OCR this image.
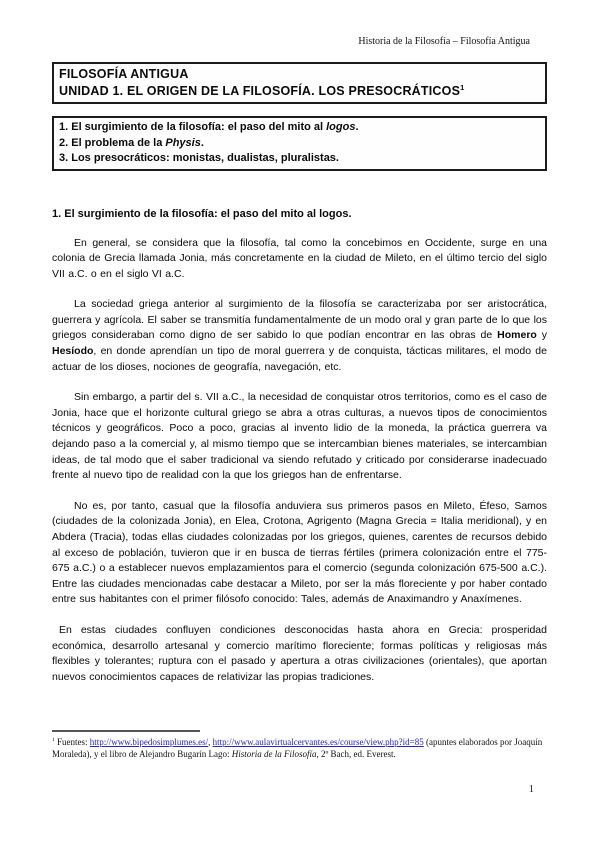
Historia de la Filosofía – Filosofía Antigua
FILOSOFÍA ANTIGUA
UNIDAD 1. EL ORIGEN DE LA FILOSOFÍA. LOS PRESOCRÁTICOS$^1$
1. El surgimiento de la filosofía: el paso del mito al logos.
2. El problema de la Physis.
3. Los presocráticos: monistas, dualistas, pluralistas.
1. El surgimiento de la filosofía: el paso del mito al logos.

En general, se considera que la filosofía, tal como la concebimos en Occidente, surge en una colonia de Grecia llamada Jonia, más concretamente en la ciudad de Mileto, en el último tercio del siglo VII a.C. o en el siglo VI a.C.

La sociedad griega anterior al surgimiento de la filosofía se caracterizaba por ser aristocrática, guerrera y agrícola. El saber se transmitía fundamentalmente de un modo oral y gran parte de lo que los griegos consideraban como digno de ser sabido lo que podían encontrar en las obras de Homero y Hesíodo, en donde aprendían un tipo de moral guerrera y de conquista, tácticas militares, el modo de actuar de los dioses, nociones de geografía, navegación, etc.

Sin embargo, a partir del s. VII a.C., la necesidad de conquistar otros territorios, como es el caso de Jonia, hace que el horizonte cultural griego se abra a otras culturas, a nuevos tipos de conocimientos técnicos y geográficos. Poco a poco, gracias al invento lidio de la moneda, la práctica guerrera va dejando paso a la comercial y, al mismo tiempo que se intercambian bienes materiales, se intercambian ideas, de tal modo que el saber tradicional va siendo refutado y criticado por considerarse inadecuado frente al nuevo tipo de realidad con la que los griegos han de enfrentarse.

No es, por tanto, casual que la filosofía anduviera sus primeros pasos en Mileto, Éfeso, Samos (ciudades de la colonizada Jonia), en Elea, Crotona, Agrigento (Magna Grecia = Italia meridional), y en Abdera (Tracia), todas ellas ciudades colonizadas por los griegos, quienes, carentes de recursos debido al exceso de población, tuvieron que ir en busca de tierras fértiles (primera colonización entre el 775-675 a.C.) o a establecer nuevos emplazamientos para el comercio (segunda colonización 675-500 a.C.). Entre las ciudades mencionadas cabe destacar a Mileto, por ser la más floreciente y por haber contado entre sus habitantes con el primer filósofo conocido: Tales, además de Anaximandro y Anaxímenes.

En estas ciudades confluyen condiciones desconocidas hasta ahora en Grecia: prosperidad económica, desarrollo artesanal y comercio marítimo floreciente; formas políticas y religiosas más flexibles y tolerantes; ruptura con el pasado y apertura a otras civilizaciones (orientales), que aportan nuevos conocimientos capaces de relativizar las propias tradiciones.

$^1$ Fuentes: http://www.bipedosimplumes.es/, http://www.aulavirtualcervantes.es/course/view.php?id=85 (apuntes elaborados por Joaquín Moraleda), y el libro de Alejandro Bugarín Lago: Historia de la Filosofía, 2º Bach, ed. Everest.
1
